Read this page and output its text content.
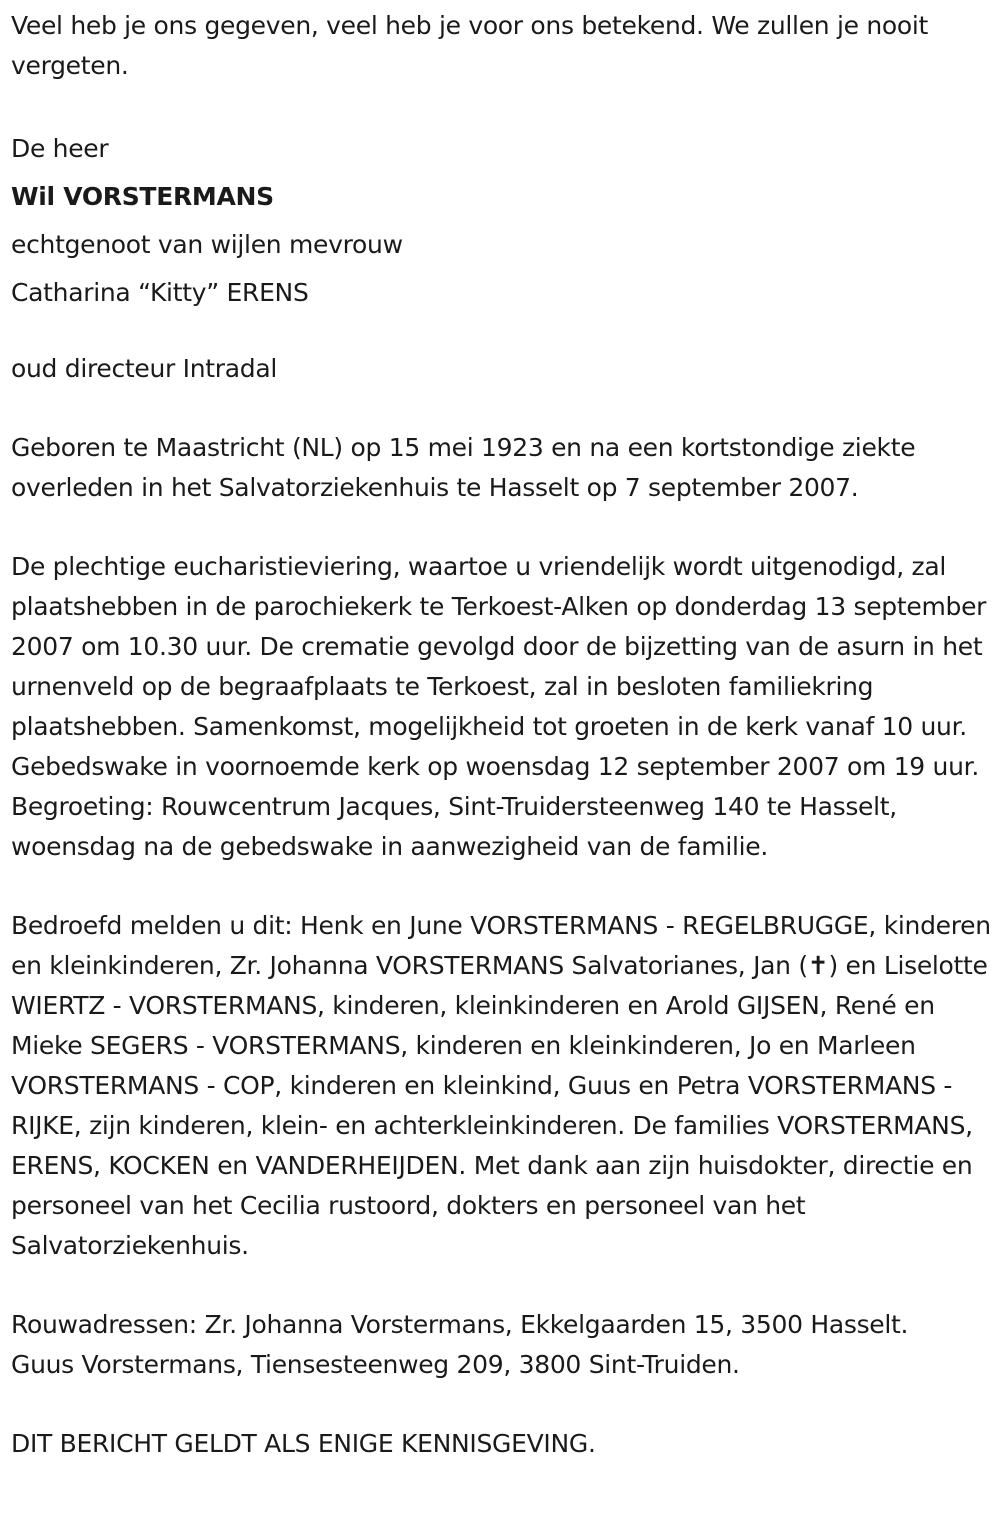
Veel heb je ons gegeven, veel heb je voor ons betekend. We zullen je nooit vergeten.

De heer

Wil VORSTERMANS

echtgenoot van wijlen mevrouw

Catharina “Kitty” ERENS

oud directeur Intradal

Geboren te Maastricht (NL) op 15 mei 1923 en na een kortstondige ziekte overleden in het Salvatorziekenhuis te Hasselt op 7 september 2007.

De plechtige eucharistieviering, waartoe u vriendelijk wordt uitgenodigd, zal plaatshebben in de parochiekerk te Terkoest-Alken op donderdag 13 september 2007 om 10.30 uur. De crematie gevolgd door de bijzetting van de asurn in het urnenveld op de begraafplaats te Terkoest, zal in besloten familiekring plaatshebben. Samenkomst, mogelijkheid tot groeten in de kerk vanaf 10 uur. Gebedswake in voornoemde kerk op woensdag 12 september 2007 om 19 uur. Begroeting: Rouwcentrum Jacques, Sint-Truidersteenweg 140 te Hasselt, woensdag na de gebedswake in aanwezigheid van de familie.

Bedroefd melden u dit: Henk en June VORSTERMANS - REGELBRUGGE, kinderen en kleinkinderen, Zr. Johanna VORSTERMANS Salvatorianes, Jan (✝) en Liselotte WIERTZ - VORSTERMANS, kinderen, kleinkinderen en Arold GIJSEN, René en Mieke SEGERS - VORSTERMANS, kinderen en kleinkinderen, Jo en Marleen VORSTERMANS - COP, kinderen en kleinkind, Guus en Petra VORSTERMANS - RIJKE, zijn kinderen, klein- en achterkleinkinderen. De families VORSTERMANS, ERENS, KOCKEN en VANDERHEIJDEN. Met dank aan zijn huisdokter, directie en personeel van het Cecilia rustoord, dokters en personeel van het Salvatorziekenhuis.

Rouwadressen: Zr. Johanna Vorstermans, Ekkelgaarden 15, 3500 Hasselt.

Guus Vorstermans, Tiensesteenweg 209, 3800 Sint-Truiden.

DIT BERICHT GELDT ALS ENIGE KENNISGEVING.
